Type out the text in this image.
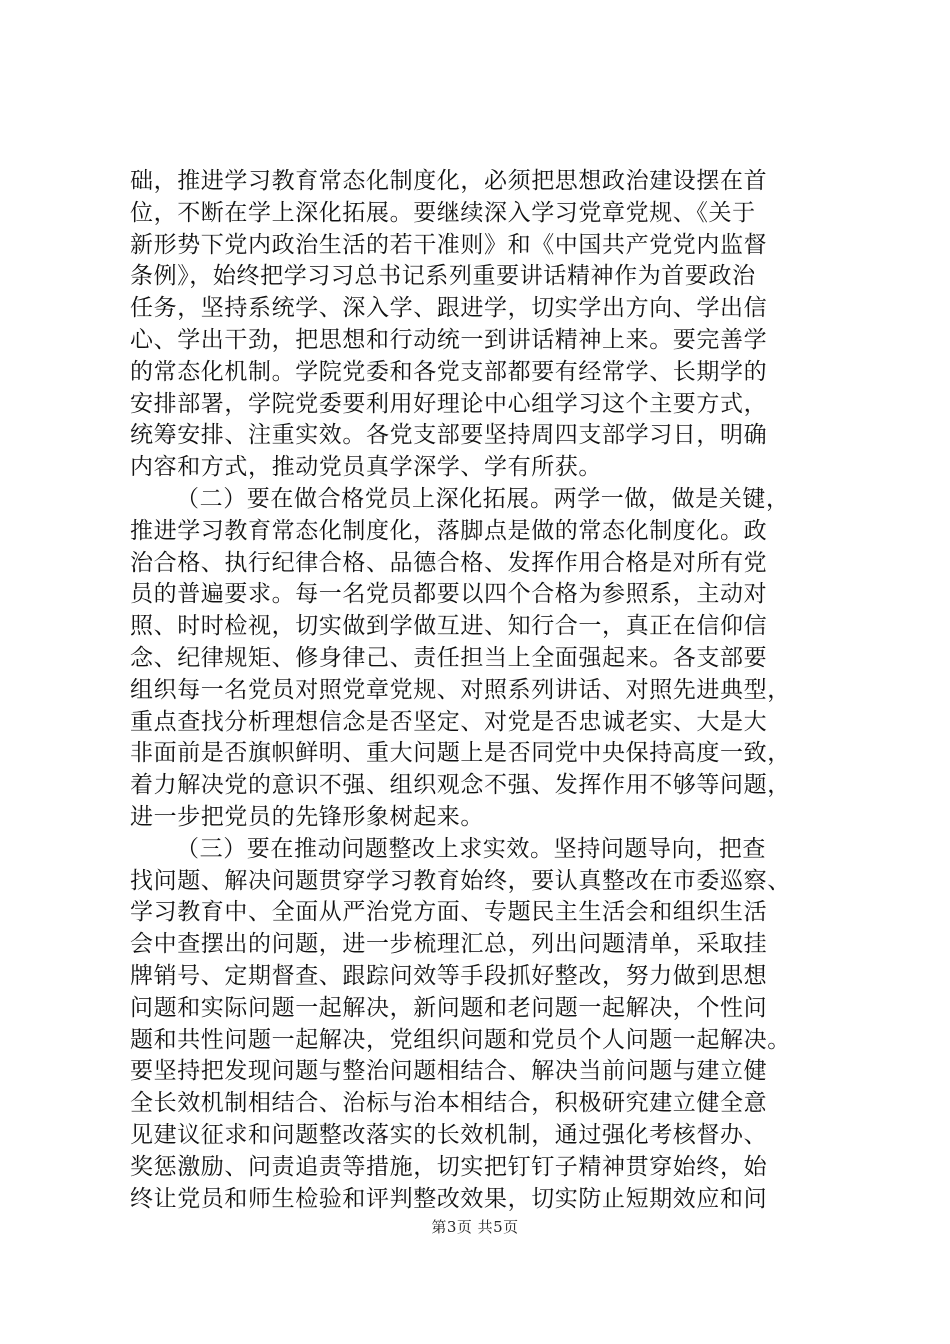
础，推进学习教育常态化制度化，必须把思想政治建设摆在首
位，不断在学上深化拓展。要继续深入学习党章党规、《关于
新形势下党内政治生活的若干准则》和《中国共产党党内监督
条例》，始终把学习习总书记系列重要讲话精神作为首要政治
任务，坚持系统学、深入学、跟进学，切实学出方向、学出信
心、学出干劲，把思想和行动统一到讲话精神上来。要完善学
的常态化机制。学院党委和各党支部都要有经常学、长期学的
安排部署，学院党委要利用好理论中心组学习这个主要方式，
统筹安排、注重实效。各党支部要坚持周四支部学习日，明确
内容和方式，推动党员真学深学、学有所获。
（二）要在做合格党员上深化拓展。两学一做，做是关键，
推进学习教育常态化制度化，落脚点是做的常态化制度化。政
治合格、执行纪律合格、品德合格、发挥作用合格是对所有党
员的普遍要求。每一名党员都要以四个合格为参照系，主动对
照、时时检视，切实做到学做互进、知行合一，真正在信仰信
念、纪律规矩、修身律己、责任担当上全面强起来。各支部要
组织每一名党员对照党章党规、对照系列讲话、对照先进典型，
重点查找分析理想信念是否坚定、对党是否忠诚老实、大是大
非面前是否旗帜鲜明、重大问题上是否同党中央保持高度一致，
着力解决党的意识不强、组织观念不强、发挥作用不够等问题，
进一步把党员的先锋形象树起来。
（三）要在推动问题整改上求实效。坚持问题导向，把查
找问题、解决问题贯穿学习教育始终，要认真整改在市委巡察、
学习教育中、全面从严治党方面、专题民主生活会和组织生活
会中查摆出的问题，进一步梳理汇总，列出问题清单，采取挂
牌销号、定期督查、跟踪问效等手段抓好整改，努力做到思想
问题和实际问题一起解决，新问题和老问题一起解决，个性问
题和共性问题一起解决，党组织问题和党员个人问题一起解决。
要坚持把发现问题与整治问题相结合、解决当前问题与建立健
全长效机制相结合、治标与治本相结合，积极研究建立健全意
见建议征求和问题整改落实的长效机制，通过强化考核督办、
奖惩激励、问责追责等措施，切实把钉钉子精神贯穿始终，始
终让党员和师生检验和评判整改效果，切实防止短期效应和问
第3页 共5页
